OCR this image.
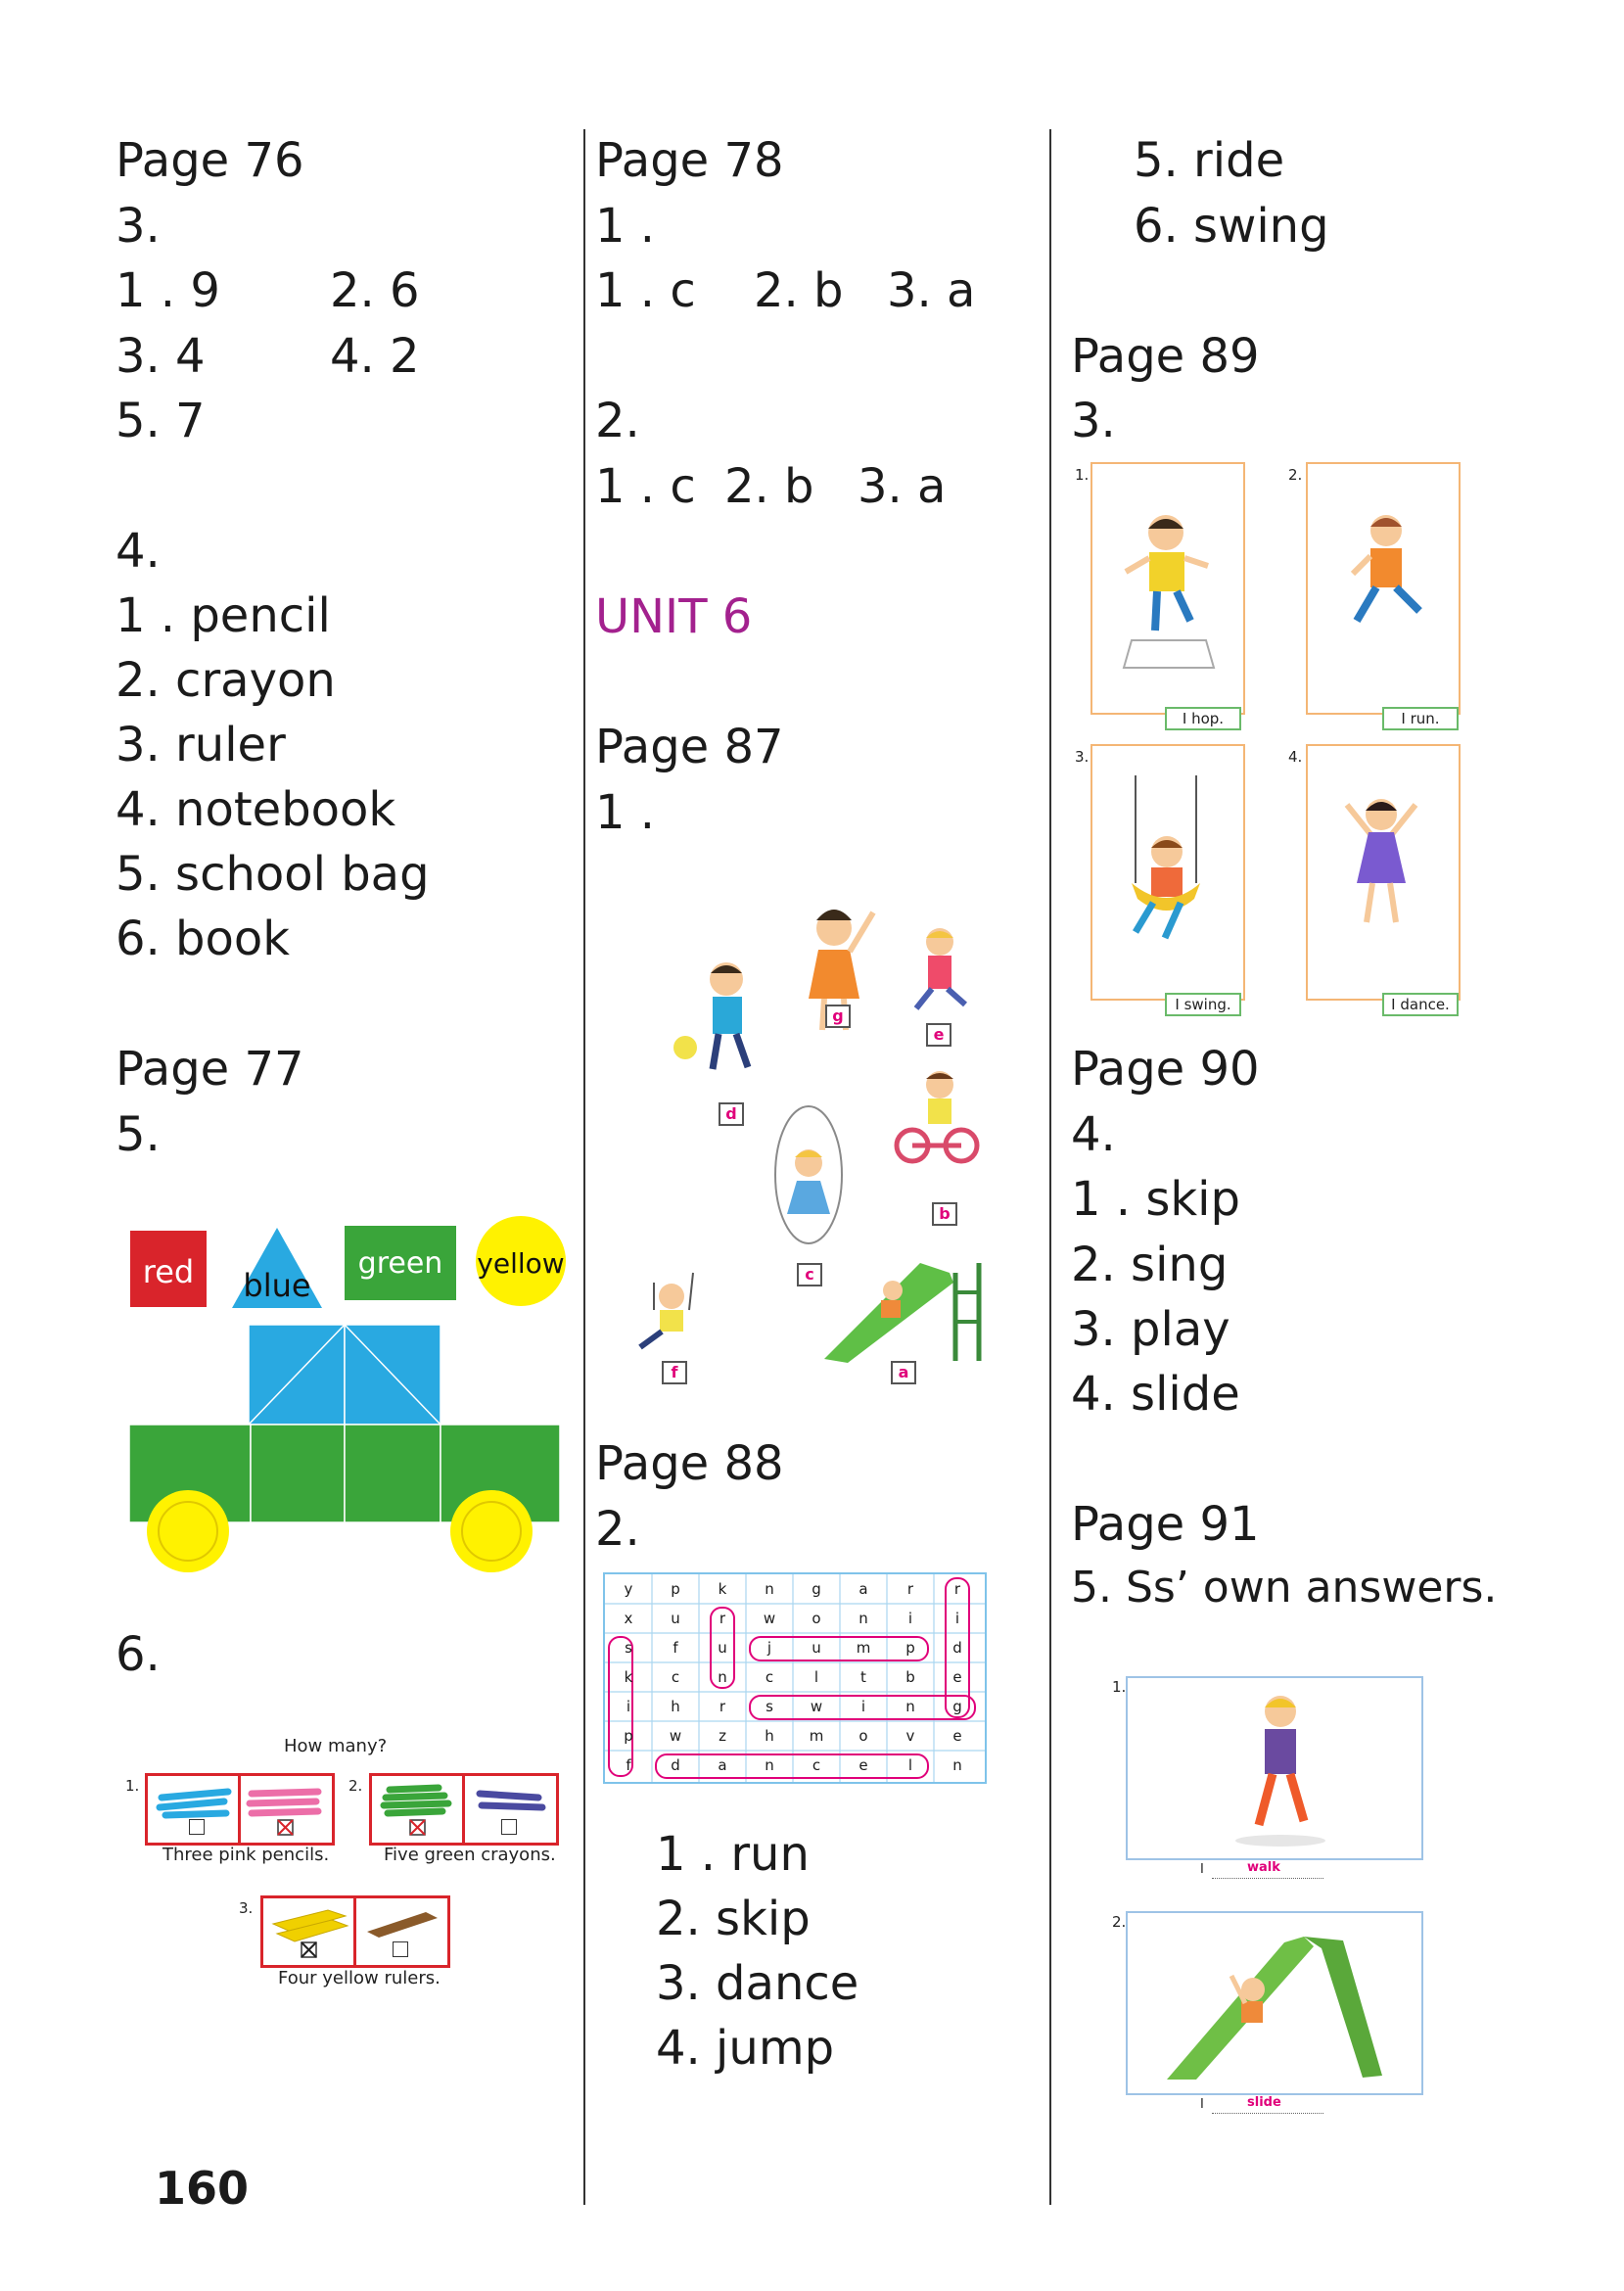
Page 76
3.
1 . 9 2. 6
3. 4	4. 2
5. 7
4.
1 . pencil
2. crayon
3. ruler
4. notebook
5. school bag
6. book
Page 77
5.
red	blue
green	yellow
6.
How many?
1.
Three pink pencils.
2.
Five green crayons.
3.
Four yellow rulers.
160
Page 78
1 .
1 . c 2. b 3. a
2.
1 . c 2. b 3. a
UNIT 6
Page 87
1 .
g
e
d
b
c
f	a
Page 88
2.
y	p	k	n	g	a	r	r
x	u	r	w	o	n	i	i
s	f	u	j	u	m	p	d
k	c	n	c	l	t	b	e
i	h	r	s	w	i	n	g
p	w	z	h	m	o	v	e
f	d	a	n	c	e	l	n
1 . run
2. skip
3. dance
4. jump
5. ride
6. swing
Page 89
3.
1.
I hop.
2.
I run.
3.
I swing.
4.
I dance.
Page 90
4.
1 . skip
2. sing
3. play
4. slide
Page 91
5. Ss’ own answers.
1.
I	walk
2.
I	slide
